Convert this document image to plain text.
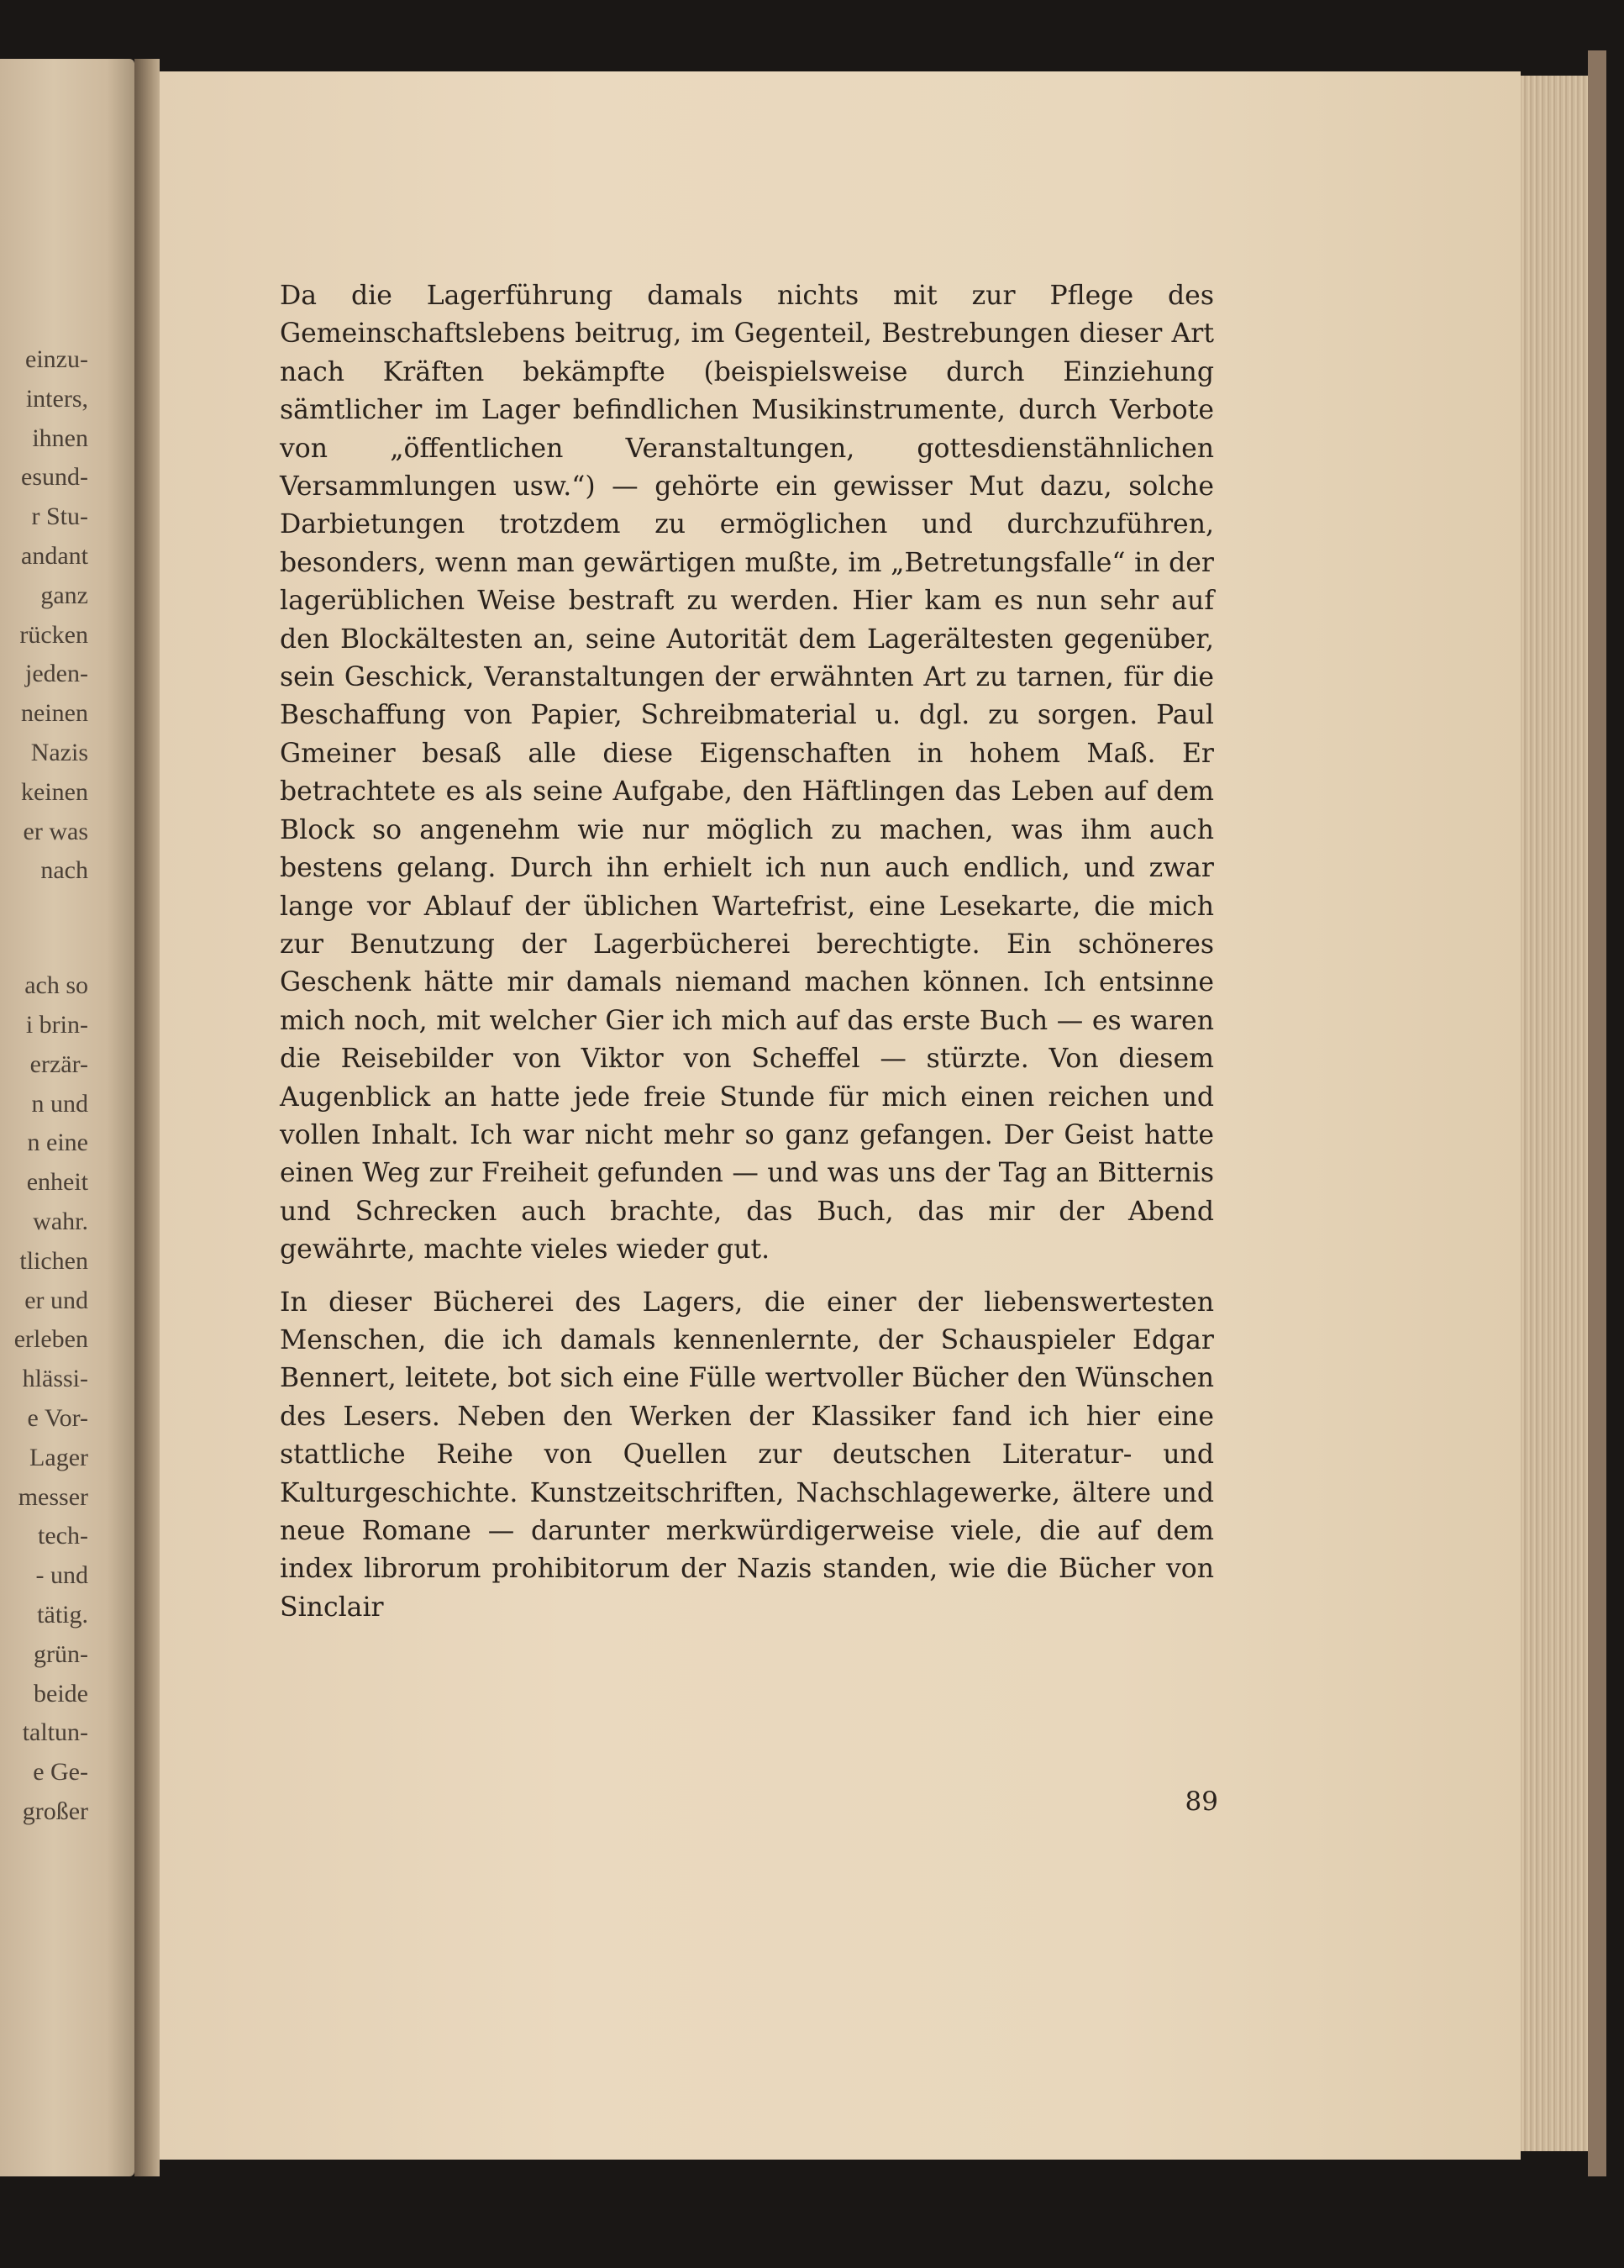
einzu-
inters,
ihnen
esund-
r Stu-
andant
ganz
rücken
jeden-
neinen
Nazis
keinen
er was
nach
ach so
i brin-
erzär-
n und
n eine
enheit
wahr.
tlichen
er und
erleben
hlässi-
e Vor-
Lager
messer
tech-
- und
tätig.
grün-
beide
taltun-
e Ge-
großer

Da die Lagerführung damals nichts mit zur Pflege des Gemeinschaftslebens beitrug, im Gegenteil, Bestrebungen dieser Art nach Kräften bekämpfte (beispielsweise durch Einziehung sämtlicher im Lager befindlichen Musikinstrumente, durch Verbote von „öffentlichen Veranstaltungen, gottesdienstähnlichen Versammlungen usw.“) — gehörte ein gewisser Mut dazu, solche Darbietungen trotzdem zu ermöglichen und durchzuführen, besonders, wenn man gewärtigen mußte, im „Betretungsfalle“ in der lagerüblichen Weise bestraft zu werden. Hier kam es nun sehr auf den Blockältesten an, seine Autorität dem Lagerältesten gegenüber, sein Geschick, Veranstaltungen der erwähnten Art zu tarnen, für die Beschaffung von Papier, Schreibmaterial u. dgl. zu sorgen. Paul Gmeiner besaß alle diese Eigenschaften in hohem Maß. Er betrachtete es als seine Aufgabe, den Häftlingen das Leben auf dem Block so angenehm wie nur möglich zu machen, was ihm auch bestens gelang. Durch ihn erhielt ich nun auch endlich, und zwar lange vor Ablauf der üblichen Wartefrist, eine Lesekarte, die mich zur Benutzung der Lagerbücherei berechtigte. Ein schöneres Geschenk hätte mir damals niemand machen können. Ich entsinne mich noch, mit welcher Gier ich mich auf das erste Buch — es waren die Reisebilder von Viktor von Scheffel — stürzte. Von diesem Augenblick an hatte jede freie Stunde für mich einen reichen und vollen Inhalt. Ich war nicht mehr so ganz gefangen. Der Geist hatte einen Weg zur Freiheit gefunden — und was uns der Tag an Bitternis und Schrecken auch brachte, das Buch, das mir der Abend gewährte, machte vieles wieder gut.

In dieser Bücherei des Lagers, die einer der liebenswertesten Menschen, die ich damals kennenlernte, der Schauspieler Edgar Bennert, leitete, bot sich eine Fülle wertvoller Bücher den Wünschen des Lesers. Neben den Werken der Klassiker fand ich hier eine stattliche Reihe von Quellen zur deutschen Literatur- und Kulturgeschichte. Kunstzeitschriften, Nachschlagewerke, ältere und neue Romane — darunter merkwürdigerweise viele, die auf dem index librorum prohibitorum der Nazis standen, wie die Bücher von Sinclair

89
